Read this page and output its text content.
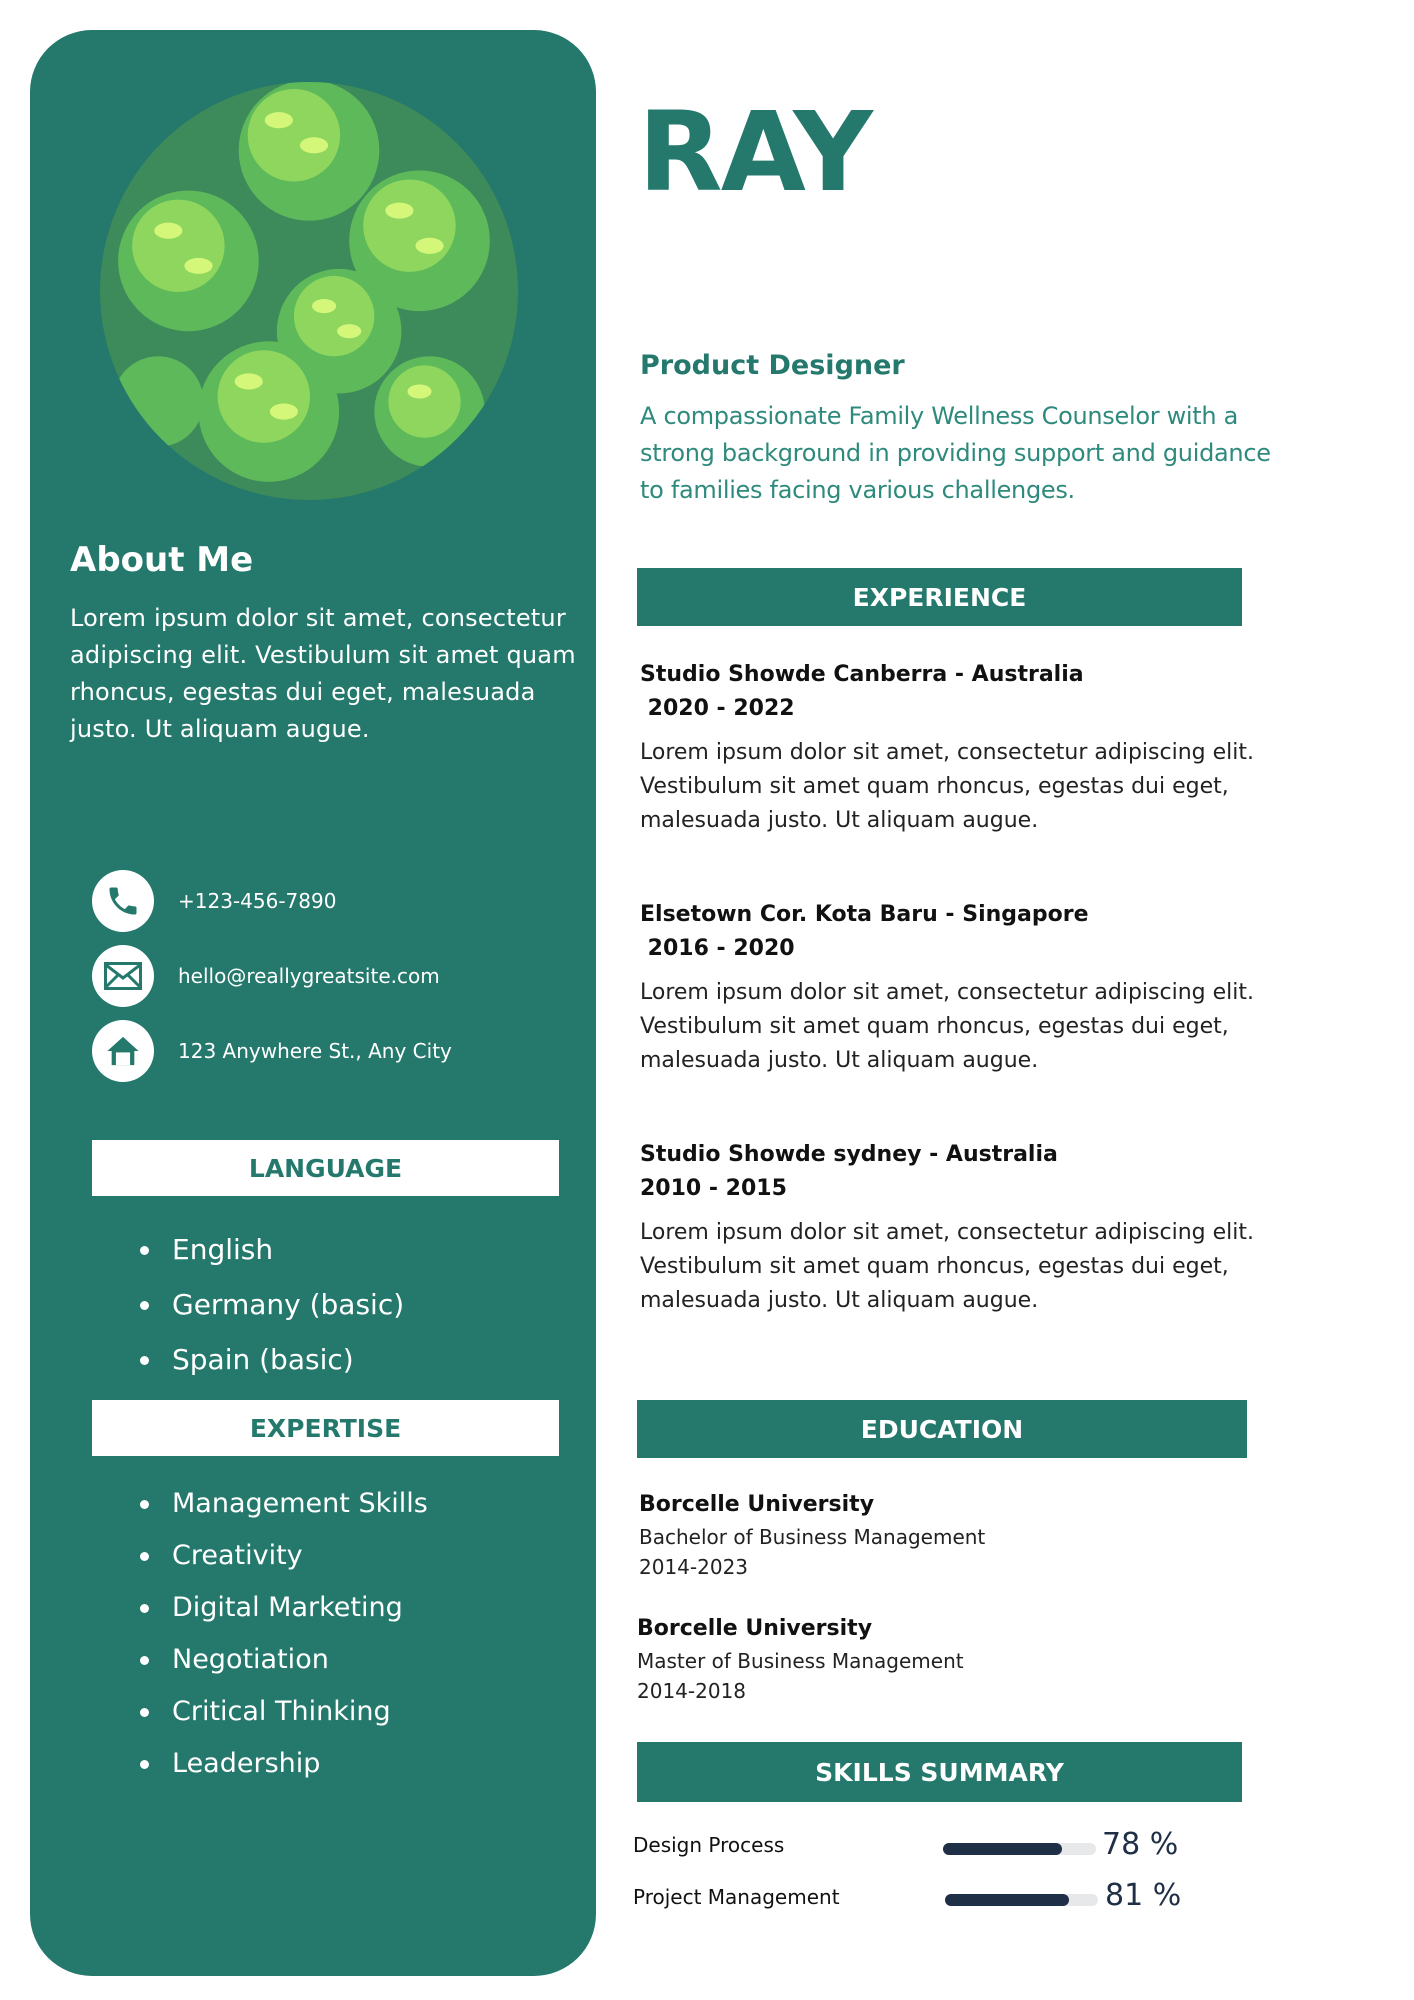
About Me
Lorem ipsum dolor sit amet, consectetur adipiscing elit. Vestibulum sit amet quam rhoncus, egestas dui eget, malesuada justo. Ut aliquam augue.
+123-456-7890
hello@reallygreatsite.com
123 Anywhere St., Any City
LANGUAGE
English
Germany (basic)
Spain (basic)
EXPERTISE
Management Skills
Creativity
Digital Marketing
Negotiation
Critical Thinking
Leadership
RAY
Product Designer
A compassionate Family Wellness Counselor with a strong background in providing support and guidance to families facing various challenges.
EXPERIENCE
Studio Showde Canberra - Australia
2020 - 2022
Lorem ipsum dolor sit amet, consectetur adipiscing elit. Vestibulum sit amet quam rhoncus, egestas dui eget, malesuada justo. Ut aliquam augue.
Elsetown Cor. Kota Baru - Singapore
2016 - 2020
Lorem ipsum dolor sit amet, consectetur adipiscing elit. Vestibulum sit amet quam rhoncus, egestas dui eget, malesuada justo. Ut aliquam augue.
Studio Showde sydney - Australia
2010 - 2015
Lorem ipsum dolor sit amet, consectetur adipiscing elit. Vestibulum sit amet quam rhoncus, egestas dui eget, malesuada justo. Ut aliquam augue.
EDUCATION
Borcelle University
Bachelor of Business Management
2014-2023
Borcelle University
Master of Business Management
2014-2018
SKILLS SUMMARY
Design Process	78 %
Project Management	81 %
